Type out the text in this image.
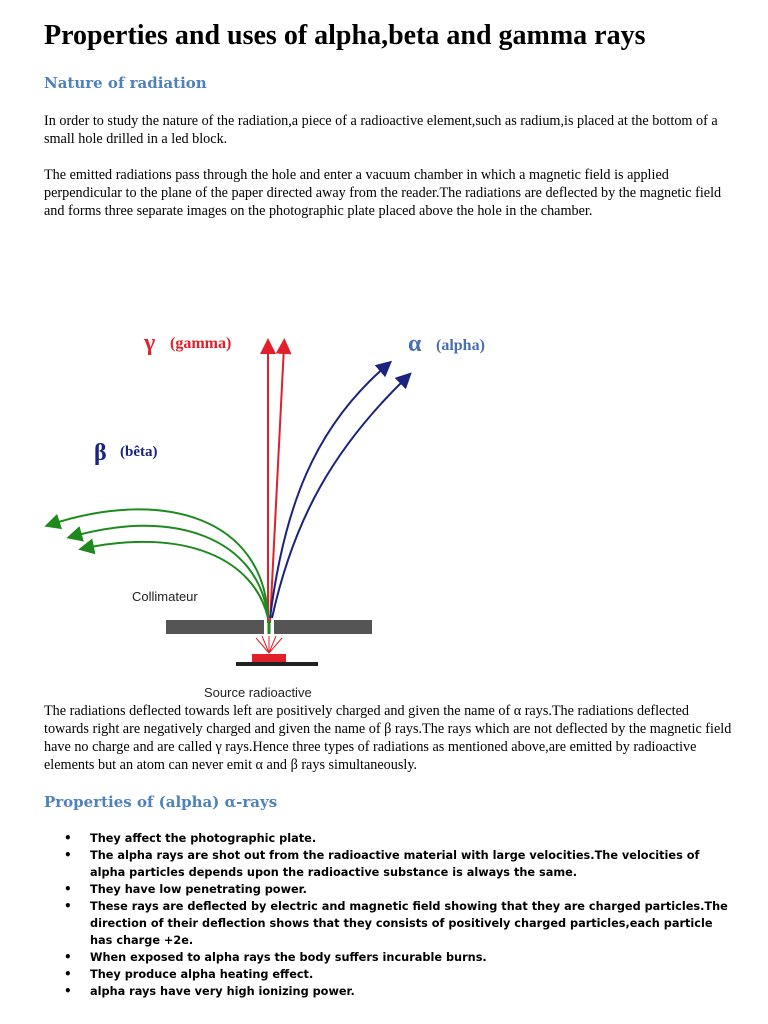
Properties and uses of alpha,beta and gamma rays
Nature of radiation

In order to study the nature of the radiation,a piece of a radioactive element,such as radium,is placed at the bottom of a small hole drilled in a led block.

The emitted radiations pass through the hole and enter a vacuum chamber in which a magnetic field is applied perpendicular to the plane of the paper directed away from the reader.The radiations are deflected by the magnetic field and forms three separate images on the photographic plate placed above the hole in the chamber.

γ (gamma)	α (alpha)
β (bêta)
Collimateur
Source radioactive

The radiations deflected towards left are positively charged and given the name of α rays.The radiations deflected towards right are negatively charged and given the name of β rays.The rays which are not deflected by the magnetic field have no charge and are called γ rays.Hence three types of radiations as mentioned above,are emitted by radioactive elements but an atom can never emit α and β rays simultaneously.

Properties of (alpha) α-rays
• They affect the photographic plate.
• The alpha rays are shot out from the radioactive material with large velocities.The velocities of alpha particles depends upon the radioactive substance is always the same.
• They have low penetrating power.
• These rays are deflected by electric and magnetic field showing that they are charged particles.The direction of their deflection shows that they consists of positively charged particles,each particle has charge +2e.
• When exposed to alpha rays the body suffers incurable burns.
• They produce alpha heating effect.
• alpha rays have very high ionizing power.
